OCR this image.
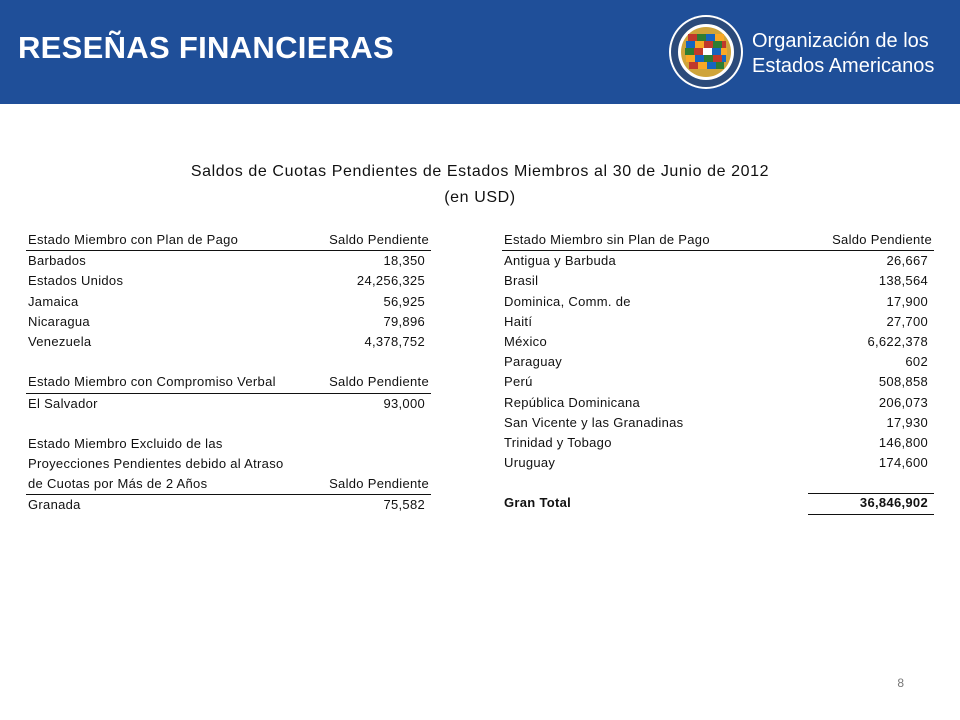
RESEÑAS FINANCIERAS	Organización de los
Estados Americanos
Saldos de Cuotas Pendientes de Estados Miembros al 30 de Junio de 2012
(en USD)
Estado Miembro con Plan de Pago	Saldo Pendiente
Barbados	18,350
Estados Unidos	24,256,325
Jamaica	56,925
Nicaragua	79,896
Venezuela	4,378,752
Estado Miembro con Compromiso Verbal	Saldo Pendiente
El Salvador	93,000
Estado Miembro Excluido de las
Proyecciones Pendientes debido al Atraso
de Cuotas por Más de 2 Años	Saldo Pendiente
Granada	75,582
Estado Miembro sin Plan de Pago	Saldo Pendiente
Antigua y Barbuda	26,667
Brasil	138,564
Dominica, Comm. de	17,900
Haití	27,700
México	6,622,378
Paraguay	602
Perú	508,858
República Dominicana	206,073
San Vicente y las Granadinas	17,930
Trinidad y Tobago	146,800
Uruguay	174,600
Gran Total	36,846,902
8
